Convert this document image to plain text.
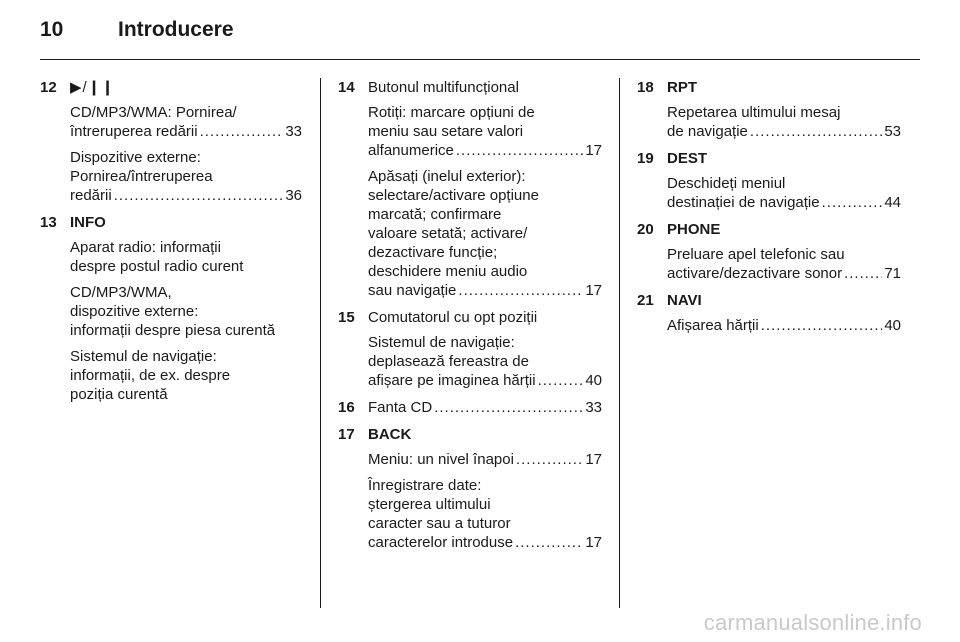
10	Introducere
12 ▶/❙❙
CD/MP3/WMA: Pornirea/
întreruperea redării .....	33
Dispozitive externe:
Pornirea/întreruperea
redării .....	36
13 INFO
Aparat radio: informații
despre postul radio curent
CD/MP3/WMA,
dispozitive externe:
informații despre piesa curentă
Sistemul de navigație:
informații, de ex. despre
poziția curentă
14 Butonul multifuncțional
Rotiți: marcare opțiuni de
meniu sau setare valori
alfanumerice .....	17
Apăsați (inelul exterior):
selectare/activare opțiune
marcată; confirmare
valoare setată; activare/
dezactivare funcție;
deschidere meniu audio
sau navigație .....	17
15 Comutatorul cu opt poziții
Sistemul de navigație:
deplasează fereastra de
afișare pe imaginea hărții .....	40
16 Fanta CD .....	33
17 BACK
Meniu: un nivel înapoi .....	17
Înregistrare date:
ștergerea ultimului
caracter sau a tuturor
caracterelor introduse .....	17
18 RPT
Repetarea ultimului mesaj
de navigație .....	53
19 DEST
Deschideți meniul
destinației de navigație .....	44
20 PHONE
Preluare apel telefonic sau
activare/dezactivare sonor .....	71
21 NAVI
Afișarea hărții .....	40
carmanualsonline.info
